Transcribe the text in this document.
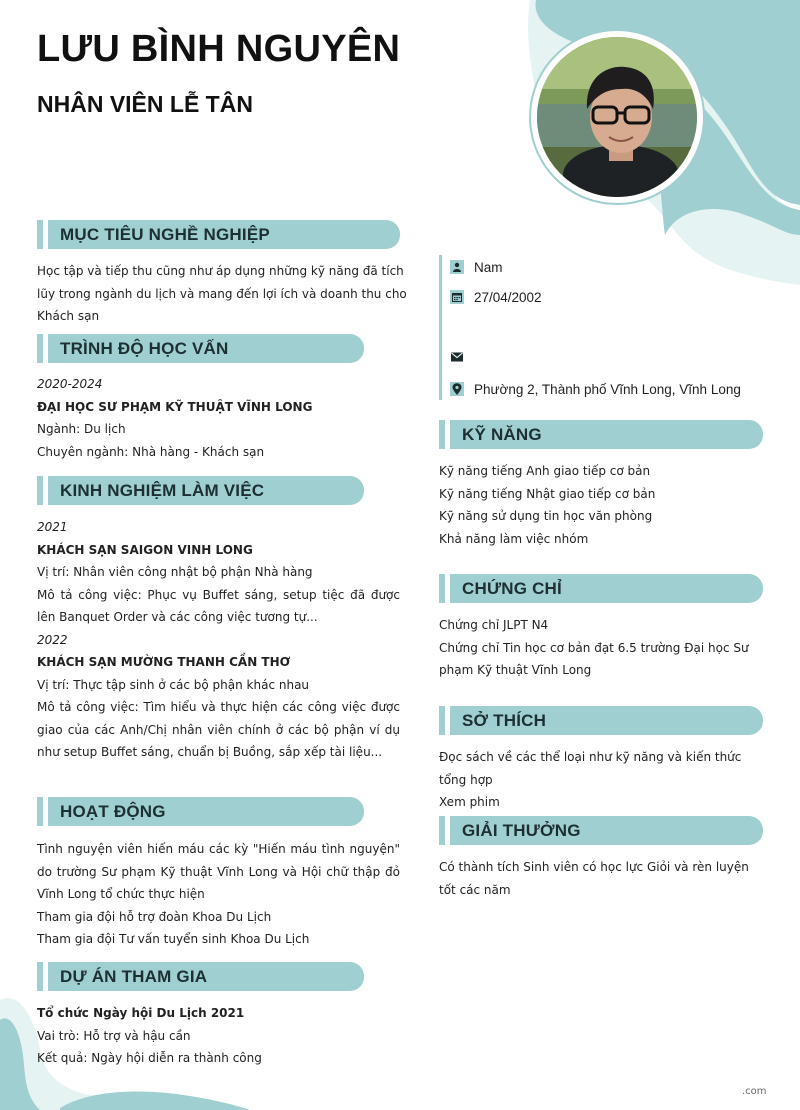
LƯU BÌNH NGUYÊN
NHÂN VIÊN LỄ TÂN
MỤC TIÊU NGHỀ NGHIỆP

Học tập và tiếp thu cũng như áp dụng những kỹ năng đã tích lũy trong ngành du lịch và mang đến lợi ích và doanh thu cho Khách sạn

TRÌNH ĐỘ HỌC VẤN

2020-2024

ĐẠI HỌC SƯ PHẠM KỸ THUẬT VĨNH LONG

Ngành: Du lịch

Chuyên ngành: Nhà hàng - Khách sạn

KINH NGHIỆM LÀM VIỆC

2021

KHÁCH SẠN SAIGON VINH LONG

Vị trí: Nhân viên công nhật bộ phận Nhà hàng

Mô tả công việc: Phục vụ Buffet sáng, setup tiệc đã được lên Banquet Order và các công việc tương tự...

2022

KHÁCH SẠN MƯỜNG THANH CẦN THƠ

Vị trí: Thực tập sinh ở các bộ phận khác nhau

Mô tả công việc: Tìm hiểu và thực hiện các công việc được giao của các Anh/Chị nhân viên chính ở các bộ phận ví dụ như setup Buffet sáng, chuẩn bị Buồng, sắp xếp tài liệu...

HOẠT ĐỘNG

Tình nguyện viên hiến máu các kỳ "Hiến máu tình nguyện" do trường Sư phạm Kỹ thuật Vĩnh Long và Hội chữ thập đỏ Vĩnh Long tổ chức thực hiện

Tham gia đội hỗ trợ đoàn Khoa Du Lịch

Tham gia đội Tư vấn tuyển sinh Khoa Du Lịch

DỰ ÁN THAM GIA

Tổ chức Ngày hội Du Lịch 2021

Vai trò: Hỗ trợ và hậu cần

Kết quả: Ngày hội diễn ra thành công

Nam
27/04/2002
Phường 2, Thành phố Vĩnh Long, Vĩnh Long
KỸ NĂNG

Kỹ năng tiếng Anh giao tiếp cơ bản

Kỹ năng tiếng Nhật giao tiếp cơ bản

Kỹ năng sử dụng tin học văn phòng

Khả năng làm việc nhóm

CHỨNG CHỈ

Chứng chỉ JLPT N4

Chứng chỉ Tin học cơ bản đạt 6.5 trường Đại học Sư phạm Kỹ thuật Vĩnh Long

SỞ THÍCH

Đọc sách về các thể loại như kỹ năng và kiến thức tổng hợp

Xem phim

GIẢI THƯỞNG

Có thành tích Sinh viên có học lực Giỏi và rèn luyện tốt các năm

.com
